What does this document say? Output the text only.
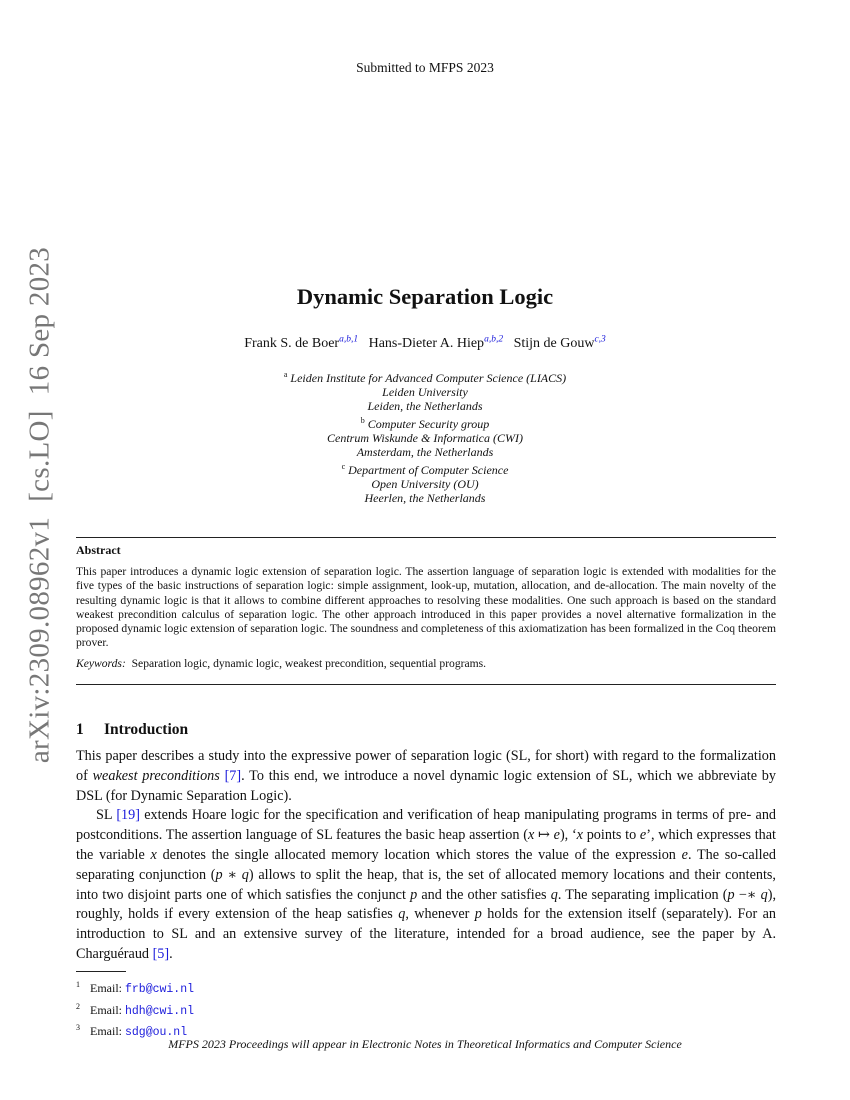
Submitted to MFPS 2023
arXiv:2309.08962v1  [cs.LO]  16 Sep 2023	Dynamic Separation Logic
Frank S. de Boer$^{a,b,1}$ Hans-Dieter A. Hiep$^{a,b,2}$ Stijn de Gouw$^{c,3}$
$^a$ Leiden Institute for Advanced Computer Science (LIACS)
Leiden University
Leiden, the Netherlands
$^b$ Computer Security group
Centrum Wiskunde & Informatica (CWI)
Amsterdam, the Netherlands
$^c$ Department of Computer Science
Open University (OU)
Heerlen, the Netherlands
Abstract
This paper introduces a dynamic logic extension of separation logic. The assertion language of separation logic is extended with modalities for the five types of the basic instructions of separation logic: simple assignment, look-up, mutation, allocation, and de-allocation. The main novelty of the resulting dynamic logic is that it allows to combine different approaches to resolving these modalities. One such approach is based on the standard weakest precondition calculus of separation logic. The other approach introduced in this paper provides a novel alternative formalization in the proposed dynamic logic extension of separation logic. The soundness and completeness of this axiomatization has been formalized in the Coq theorem prover.
Keywords: Separation logic, dynamic logic, weakest precondition, sequential programs.
1 Introduction

This paper describes a study into the expressive power of separation logic (SL, for short) with regard to the formalization of weakest preconditions [7]. To this end, we introduce a novel dynamic logic extension of SL, which we abbreviate by DSL (for Dynamic Separation Logic).

SL [19] extends Hoare logic for the specification and verification of heap manipulating programs in terms of pre- and postconditions. The assertion language of SL features the basic heap assertion (x ↦ e), ‘x points to e’, which expresses that the variable x denotes the single allocated memory location which stores the value of the expression e. The so-called separating conjunction (p ∗ q) allows to split the heap, that is, the set of allocated memory locations and their contents, into two disjoint parts one of which satisfies the conjunct p and the other satisfies q. The separating implication (p −∗ q), roughly, holds if every extension of the heap satisfies q, whenever p holds for the extension itself (separately). For an introduction to SL and an extensive survey of the literature, intended for a broad audience, see the paper by A. Charguéraud [5].

$^1$ Email: frb@cwi.nl
$^2$ Email: hdh@cwi.nl
$^3$ Email: sdg@ou.nl
MFPS 2023 Proceedings will appear in Electronic Notes in Theoretical Informatics and Computer Science
